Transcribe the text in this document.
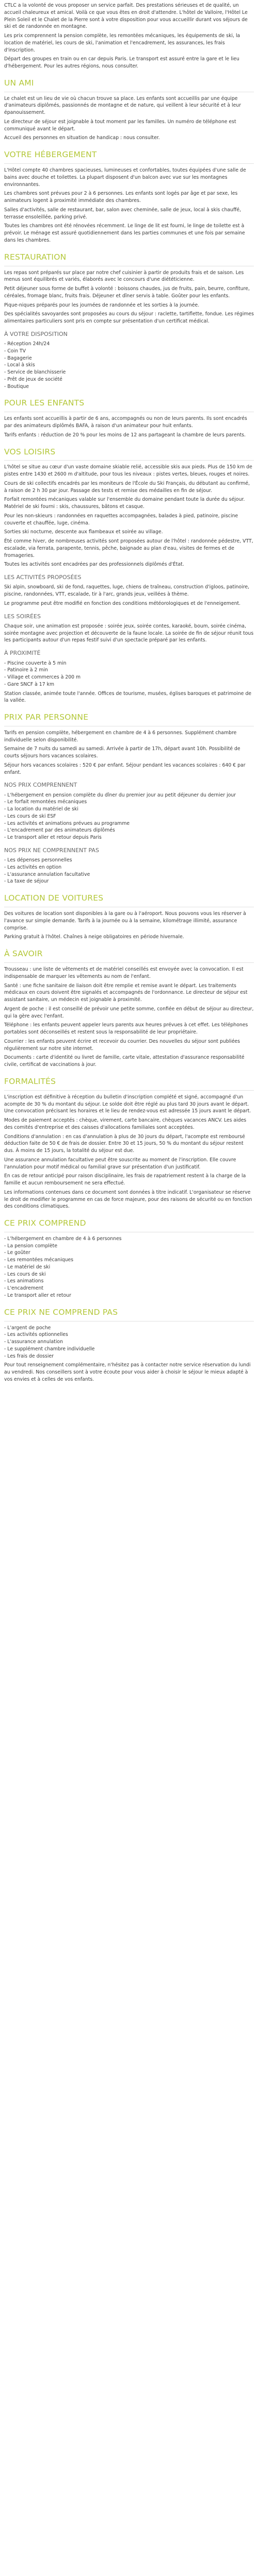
CTLC a la volonté de vous proposer un service parfait. Des prestations sérieuses et de qualité, un accueil chaleureux et amical. Voilà ce que vous êtes en droit d'attendre. L'hôtel de Valloire, l'Hôtel Le Plein Soleil et le Chalet de la Pierre sont à votre disposition pour vous accueillir durant vos séjours de ski et de randonnée en montagne.

Les prix comprennent la pension complète, les remontées mécaniques, les équipements de ski, la location de matériel, les cours de ski, l'animation et l'encadrement, les assurances, les frais d'inscription.

Départ des groupes en train ou en car depuis Paris. Le transport est assuré entre la gare et le lieu d'hébergement. Pour les autres régions, nous consulter.

UN AMI

Le chalet est un lieu de vie où chacun trouve sa place. Les enfants sont accueillis par une équipe d'animateurs diplômés, passionnés de montagne et de nature, qui veillent à leur sécurité et à leur épanouissement.

Le directeur de séjour est joignable à tout moment par les familles. Un numéro de téléphone est communiqué avant le départ.

Accueil des personnes en situation de handicap : nous consulter.

VOTRE HÉBERGEMENT

L'Hôtel compte 40 chambres spacieuses, lumineuses et confortables, toutes équipées d'une salle de bains avec douche et toilettes. La plupart disposent d'un balcon avec vue sur les montagnes environnantes.

Les chambres sont prévues pour 2 à 6 personnes. Les enfants sont logés par âge et par sexe, les animateurs logent à proximité immédiate des chambres.

Salles d'activités, salle de restaurant, bar, salon avec cheminée, salle de jeux, local à skis chauffé, terrasse ensoleillée, parking privé.

Toutes les chambres ont été rénovées récemment. Le linge de lit est fourni, le linge de toilette est à prévoir. Le ménage est assuré quotidiennement dans les parties communes et une fois par semaine dans les chambres.

RESTAURATION

Les repas sont préparés sur place par notre chef cuisinier à partir de produits frais et de saison. Les menus sont équilibrés et variés, élaborés avec le concours d'une diététicienne.

Petit déjeuner sous forme de buffet à volonté : boissons chaudes, jus de fruits, pain, beurre, confiture, céréales, fromage blanc, fruits frais. Déjeuner et dîner servis à table. Goûter pour les enfants.

Pique-niques préparés pour les journées de randonnée et les sorties à la journée.

Des spécialités savoyardes sont proposées au cours du séjour : raclette, tartiflette, fondue. Les régimes alimentaires particuliers sont pris en compte sur présentation d'un certificat médical.

À VOTRE DISPOSITION
- Réception 24h/24
- Coin TV
- Bagagerie
- Local à skis
- Service de blanchisserie
- Prêt de jeux de société
- Boutique
POUR LES ENFANTS

Les enfants sont accueillis à partir de 6 ans, accompagnés ou non de leurs parents. Ils sont encadrés par des animateurs diplômés BAFA, à raison d'un animateur pour huit enfants.

Tarifs enfants : réduction de 20 % pour les moins de 12 ans partageant la chambre de leurs parents.

VOS LOISIRS

L'hôtel se situe au cœur d'un vaste domaine skiable relié, accessible skis aux pieds. Plus de 150 km de pistes entre 1430 et 2600 m d'altitude, pour tous les niveaux : pistes vertes, bleues, rouges et noires.

Cours de ski collectifs encadrés par les moniteurs de l'École du Ski Français, du débutant au confirmé, à raison de 2 h 30 par jour. Passage des tests et remise des médailles en fin de séjour.

Forfait remontées mécaniques valable sur l'ensemble du domaine pendant toute la durée du séjour. Matériel de ski fourni : skis, chaussures, bâtons et casque.

Pour les non-skieurs : randonnées en raquettes accompagnées, balades à pied, patinoire, piscine couverte et chauffée, luge, cinéma.

Sorties ski nocturne, descente aux flambeaux et soirée au village.

Été comme hiver, de nombreuses activités sont proposées autour de l'hôtel : randonnée pédestre, VTT, escalade, via ferrata, parapente, tennis, pêche, baignade au plan d'eau, visites de fermes et de fromageries.

Toutes les activités sont encadrées par des professionnels diplômés d'État.

LES ACTIVITÉS PROPOSÉES

Ski alpin, snowboard, ski de fond, raquettes, luge, chiens de traîneau, construction d'igloos, patinoire, piscine, randonnées, VTT, escalade, tir à l'arc, grands jeux, veillées à thème.

Le programme peut être modifié en fonction des conditions météorologiques et de l'enneigement.

LES SOIRÉES

Chaque soir, une animation est proposée : soirée jeux, soirée contes, karaoké, boum, soirée cinéma, soirée montagne avec projection et découverte de la faune locale. La soirée de fin de séjour réunit tous les participants autour d'un repas festif suivi d'un spectacle préparé par les enfants.

À PROXIMITÉ
- Piscine couverte à 5 min
- Patinoire à 2 min
- Village et commerces à 200 m
- Gare SNCF à 17 km

Station classée, animée toute l'année. Offices de tourisme, musées, églises baroques et patrimoine de la vallée.

PRIX PAR PERSONNE

Tarifs en pension complète, hébergement en chambre de 4 à 6 personnes. Supplément chambre individuelle selon disponibilité.

Semaine de 7 nuits du samedi au samedi. Arrivée à partir de 17h, départ avant 10h. Possibilité de courts séjours hors vacances scolaires.

Séjour hors vacances scolaires : 520 € par enfant. Séjour pendant les vacances scolaires : 640 € par enfant.

NOS PRIX COMPRENNENT
- L'hébergement en pension complète du dîner du premier jour au petit déjeuner du dernier jour
- Le forfait remontées mécaniques
- La location du matériel de ski
- Les cours de ski ESF
- Les activités et animations prévues au programme
- L'encadrement par des animateurs diplômés
- Le transport aller et retour depuis Paris
NOS PRIX NE COMPRENNENT PAS
- Les dépenses personnelles
- Les activités en option
- L'assurance annulation facultative
- La taxe de séjour
LOCATION DE VOITURES

Des voitures de location sont disponibles à la gare ou à l'aéroport. Nous pouvons vous les réserver à l'avance sur simple demande. Tarifs à la journée ou à la semaine, kilométrage illimité, assurance comprise.

Parking gratuit à l'hôtel. Chaînes à neige obligatoires en période hivernale.

À SAVOIR

Trousseau : une liste de vêtements et de matériel conseillés est envoyée avec la convocation. Il est indispensable de marquer les vêtements au nom de l'enfant.

Santé : une fiche sanitaire de liaison doit être remplie et remise avant le départ. Les traitements médicaux en cours doivent être signalés et accompagnés de l'ordonnance. Le directeur de séjour est assistant sanitaire, un médecin est joignable à proximité.

Argent de poche : il est conseillé de prévoir une petite somme, confiée en début de séjour au directeur, qui la gère avec l'enfant.

Téléphone : les enfants peuvent appeler leurs parents aux heures prévues à cet effet. Les téléphones portables sont déconseillés et restent sous la responsabilité de leur propriétaire.

Courrier : les enfants peuvent écrire et recevoir du courrier. Des nouvelles du séjour sont publiées régulièrement sur notre site internet.

Documents : carte d'identité ou livret de famille, carte vitale, attestation d'assurance responsabilité civile, certificat de vaccinations à jour.

FORMALITÉS

L'inscription est définitive à réception du bulletin d'inscription complété et signé, accompagné d'un acompte de 30 % du montant du séjour. Le solde doit être réglé au plus tard 30 jours avant le départ. Une convocation précisant les horaires et le lieu de rendez-vous est adressée 15 jours avant le départ.

Modes de paiement acceptés : chèque, virement, carte bancaire, chèques vacances ANCV. Les aides des comités d'entreprise et des caisses d'allocations familiales sont acceptées.

Conditions d'annulation : en cas d'annulation à plus de 30 jours du départ, l'acompte est remboursé déduction faite de 50 € de frais de dossier. Entre 30 et 15 jours, 50 % du montant du séjour restent dus. À moins de 15 jours, la totalité du séjour est due.

Une assurance annulation facultative peut être souscrite au moment de l'inscription. Elle couvre l'annulation pour motif médical ou familial grave sur présentation d'un justificatif.

En cas de retour anticipé pour raison disciplinaire, les frais de rapatriement restent à la charge de la famille et aucun remboursement ne sera effectué.

Les informations contenues dans ce document sont données à titre indicatif. L'organisateur se réserve le droit de modifier le programme en cas de force majeure, pour des raisons de sécurité ou en fonction des conditions climatiques.

CE PRIX COMPREND
- L'hébergement en chambre de 4 à 6 personnes
- La pension complète
- Le goûter
- Les remontées mécaniques
- Le matériel de ski
- Les cours de ski
- Les animations
- L'encadrement
- Le transport aller et retour
CE PRIX NE COMPREND PAS
- L'argent de poche
- Les activités optionnelles
- L'assurance annulation
- Le supplément chambre individuelle
- Les frais de dossier

Pour tout renseignement complémentaire, n'hésitez pas à contacter notre service réservation du lundi au vendredi. Nos conseillers sont à votre écoute pour vous aider à choisir le séjour le mieux adapté à vos envies et à celles de vos enfants.
